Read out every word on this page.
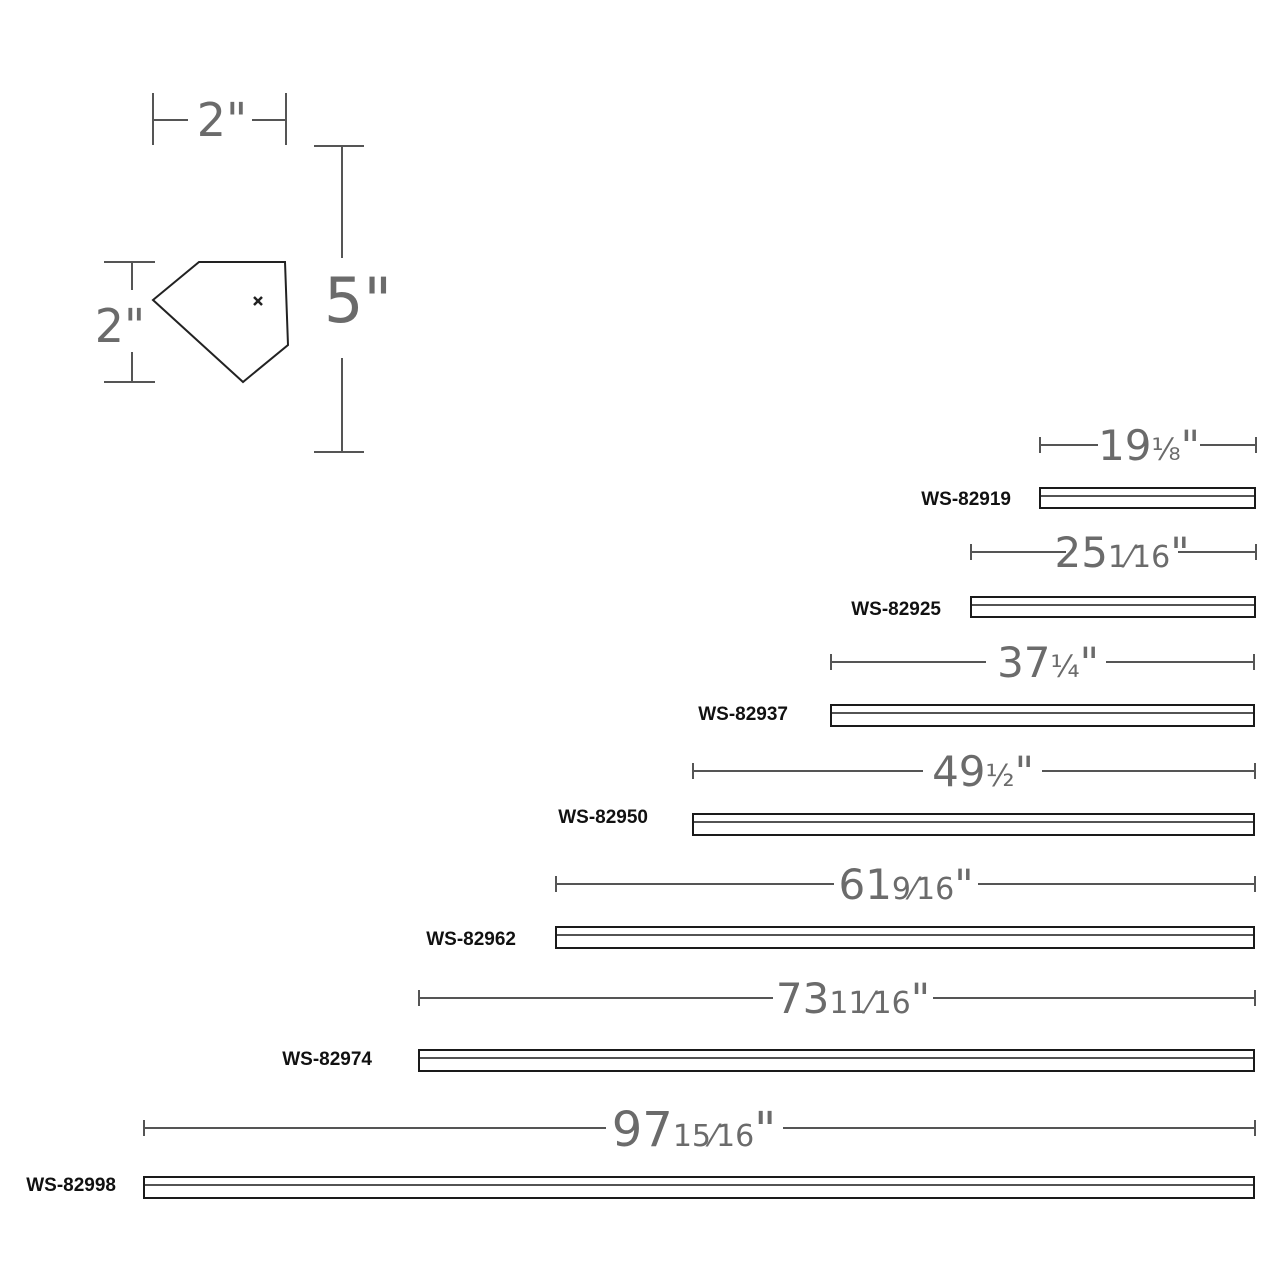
2"
2"	5"
19⅛"
WS-82919
251⁄16"
WS-82925
37¼"
WS-82937
49½"
WS-82950
619⁄16"
WS-82962
7311⁄16"
WS-82974
9715⁄16"
WS-82998
